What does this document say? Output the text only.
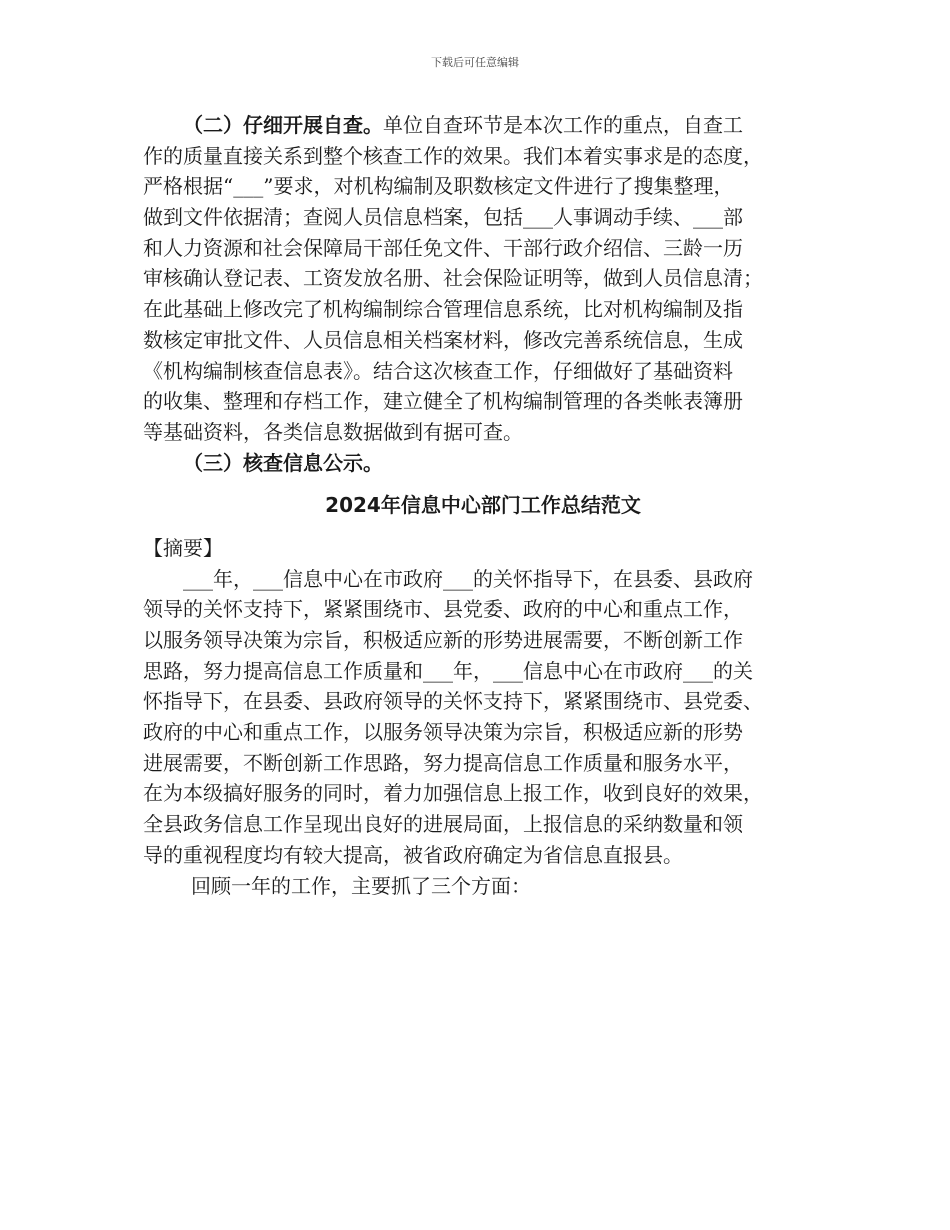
下载后可任意编辑
（二）仔细开展自查。单位自查环节是本次工作的重点，自查工
作的质量直接关系到整个核查工作的效果。我们本着实事求是的态度，
严格根据“___”要求，对机构编制及职数核定文件进行了搜集整理，
做到文件依据清；查阅人员信息档案，包括___人事调动手续、___部
和人力资源和社会保障局干部任免文件、干部行政介绍信、三龄一历
审核确认登记表、工资发放名册、社会保险证明等，做到人员信息清；
在此基础上修改完了机构编制综合管理信息系统，比对机构编制及指
数核定审批文件、人员信息相关档案材料，修改完善系统信息，生成
《机构编制核查信息表》。结合这次核查工作，仔细做好了基础资料
的收集、整理和存档工作，建立健全了机构编制管理的各类帐表簿册
等基础资料，各类信息数据做到有据可查。
（三）核查信息公示。
2024年信息中心部门工作总结范文
【摘要】
___年，___信息中心在市政府___的关怀指导下，在县委、县政府
领导的关怀支持下，紧紧围绕市、县党委、政府的中心和重点工作，
以服务领导决策为宗旨，积极适应新的形势进展需要，不断创新工作
思路，努力提高信息工作质量和___年，___信息中心在市政府___的关
怀指导下，在县委、县政府领导的关怀支持下，紧紧围绕市、县党委、
政府的中心和重点工作，以服务领导决策为宗旨，积极适应新的形势
进展需要，不断创新工作思路，努力提高信息工作质量和服务水平，
在为本级搞好服务的同时，着力加强信息上报工作，收到良好的效果，
全县政务信息工作呈现出良好的进展局面，上报信息的采纳数量和领
导的重视程度均有较大提高，被省政府确定为省信息直报县。
回顾一年的工作，主要抓了三个方面：
